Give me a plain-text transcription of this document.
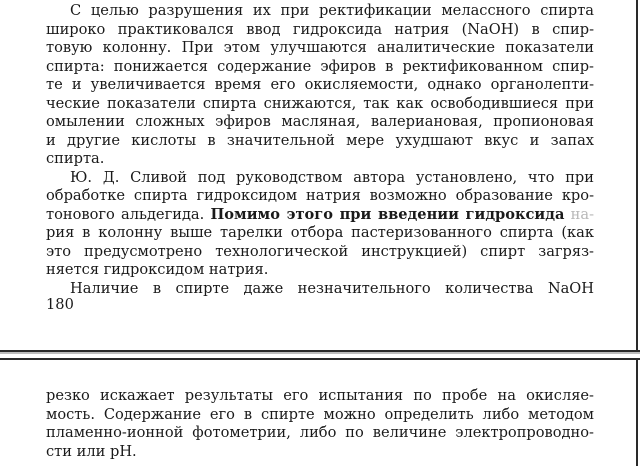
С целью разрушения их при ректификации мелассного спирта
широко практиковался ввод гидроксида натрия (NaOH) в спир-
товую колонну. При этом улучшаются аналитические показатели
спирта: понижается содержание эфиров в ректификованном спир-
те и увеличивается время его окисляемости, однако органолепти-
ческие показатели спирта снижаются, так как освободившиеся при
омылении сложных эфиров масляная, валериановая, пропионовая
и другие кислоты в значительной мере ухудшают вкус и запах
спирта.
Ю. Д. Сливой под руководством автора установлено, что при
обработке спирта гидроксидом натрия возможно образование кро-
тонового альдегида. Помимо этого при введении гидроксида на-
рия в колонну выше тарелки отбора пастеризованного спирта (как
это предусмотрено технологической инструкцией) спирт загряз-
няется гидроксидом натрия.
Наличие в спирте даже незначительного количества NaOH
180
резко искажает результаты его испытания по пробе на окисляе-
мость. Содержание его в спирте можно определить либо методом
пламенно-ионной фотометрии, либо по величине электропроводно-
сти или pH.
